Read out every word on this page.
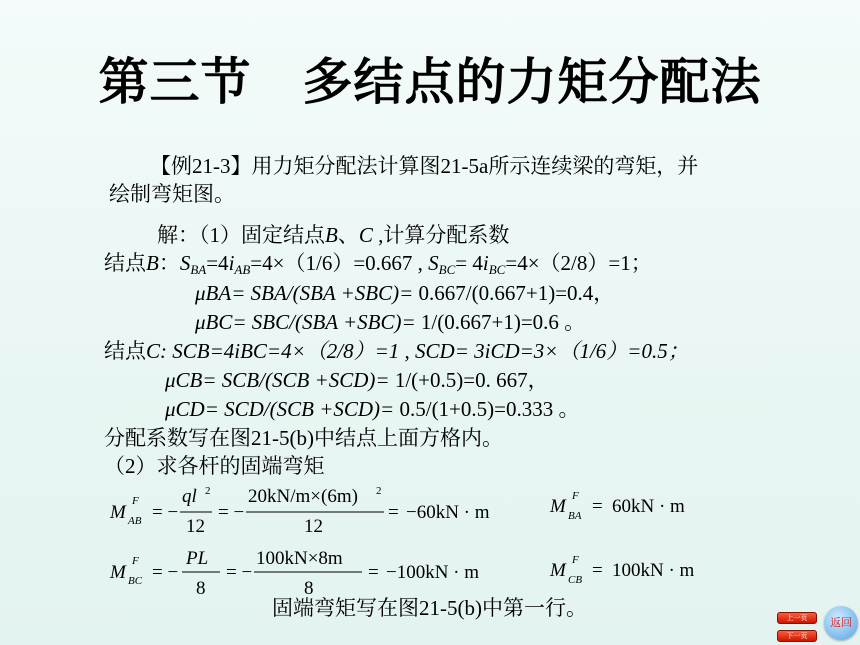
第三节　多结点的力矩分配法
【例21-3】用力矩分配法计算图21-5a所示连续梁的弯矩，并
绘制弯矩图。
解：（1）固定结点B、C ,计算分配系数
结点B：$S_{BA}=4i_{AB}=4\times(1/6)=0.667$ , $S_{BC}= 4i_{BC}=4\times(2/8)=1$；
μBA= SBA/(SBA +SBC)= 0.667/(0.667+1)=0.4，
μBC= SBC/(SBA +SBC)= 1/(0.667+1)=0.6 。
结点C: SCB=4iBC=4×（2/8）=1 , SCD= 3iCD=3×（1/6）=0.5；
μCB= SCB/(SCB +SCD)= 1/(+0.5)=0. 667，
μCD= SCD/(SCB +SCD)= 0.5/(1+0.5)=0.333 。
分配系数写在图21-5(b)中结点上面方格内。
（2）求各杆的固端弯矩
M
F
AB = −
ql 2
12
= −
20kN/m×(6m) 2
12
= −60kN · m	M F
BA = 60kN · m
M
F
BC = −
PL
8
= −
100kN×8m
8
= −100kN · m	M F
CB = 100kN · m
固端弯矩写在图21-5(b)中第一行。	上一页
下一页
返回
